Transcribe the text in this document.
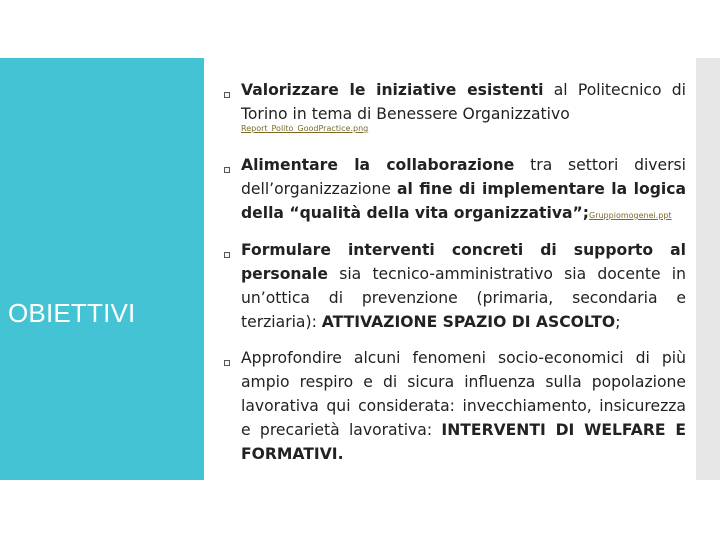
OBIETTIVI
Valorizzare le iniziative esistenti al Politecnico di Torino in tema di Benessere Organizzativo
Report_Polito_GoodPractice.png
Alimentare la collaborazione tra settori diversi dell’organizzazione al fine di implementare la logica della “qualità della vita organizzativa”;Gruppiomogenei.ppt
Formulare interventi concreti di supporto al personale sia tecnico-amministrativo sia docente in un’ottica di prevenzione (primaria, secondaria e terziaria): ATTIVAZIONE SPAZIO DI ASCOLTO;
Approfondire alcuni fenomeni socio-economici di più ampio respiro e di sicura influenza sulla popolazione lavorativa qui considerata: invecchiamento, insicurezza e precarietà lavorativa: INTERVENTI DI WELFARE E FORMATIVI.
